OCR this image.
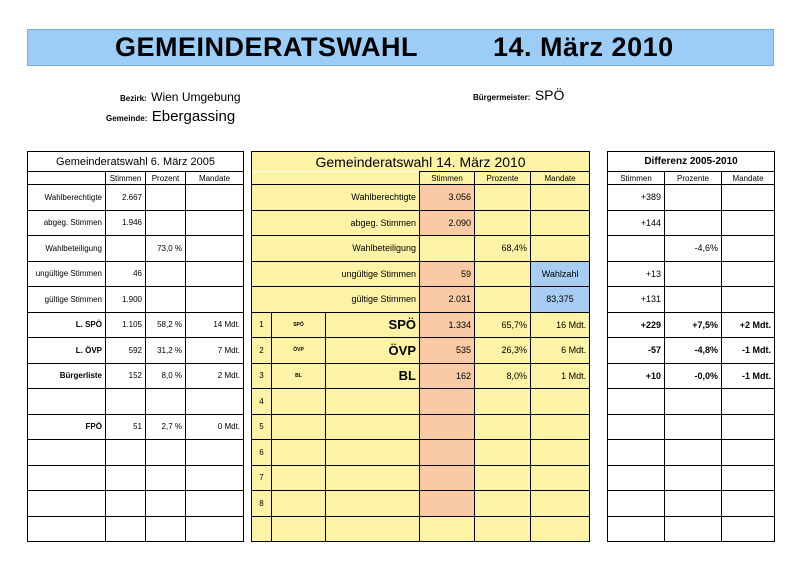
GEMEINDERATSWAHL	14. März 2010
Bezirk: Wien Umgebung
Gemeinde: Ebergassing
Bürgermeister: SPÖ
Gemeinderatswahl 6. März 2005			
	Stimmen	Prozent	Mandate
Wahlberechtigte	2.667		
abgeg. Stimmen	1.946		
Wahlbeteiligung		73,0 %	
ungültige Stimmen	46		
gültige Stimmen	1.900		
L. SPÖ	1.105	58,2 %	14 Mdt.
L. ÖVP	592	31,2 %	7 Mdt.
Bürgerliste	152	8,0 %	2 Mdt.

FPÖ	51	2,7 %	0 Mdt.

Gemeinderatswahl 14. März 2010					
			Stimmen	Prozente	Mandate
Wahlberechtigte			3.056		
abgeg. Stimmen			2.090		
Wahlbeteiligung				68,4%	
ungültige Stimmen			59		Wahlzahl
gültige Stimmen			2.031		83,375
1	SPÖ	SPÖ	1.334	65,7%	16 Mdt.
2	ÖVP	ÖVP	535	26,3%	6 Mdt.
3	BL	BL	162	8,0%	1 Mdt.
4					
5					
6					
7					
8					

Differenz 2005-2010		
Stimmen	Prozente	Mandate
+389		
+144		
	-4,6%	
+13		
+131		
+229	+7,5%	+2 Mdt.
-57	-4,8%	-1 Mdt.
+10	-0,0%	-1 Mdt.
